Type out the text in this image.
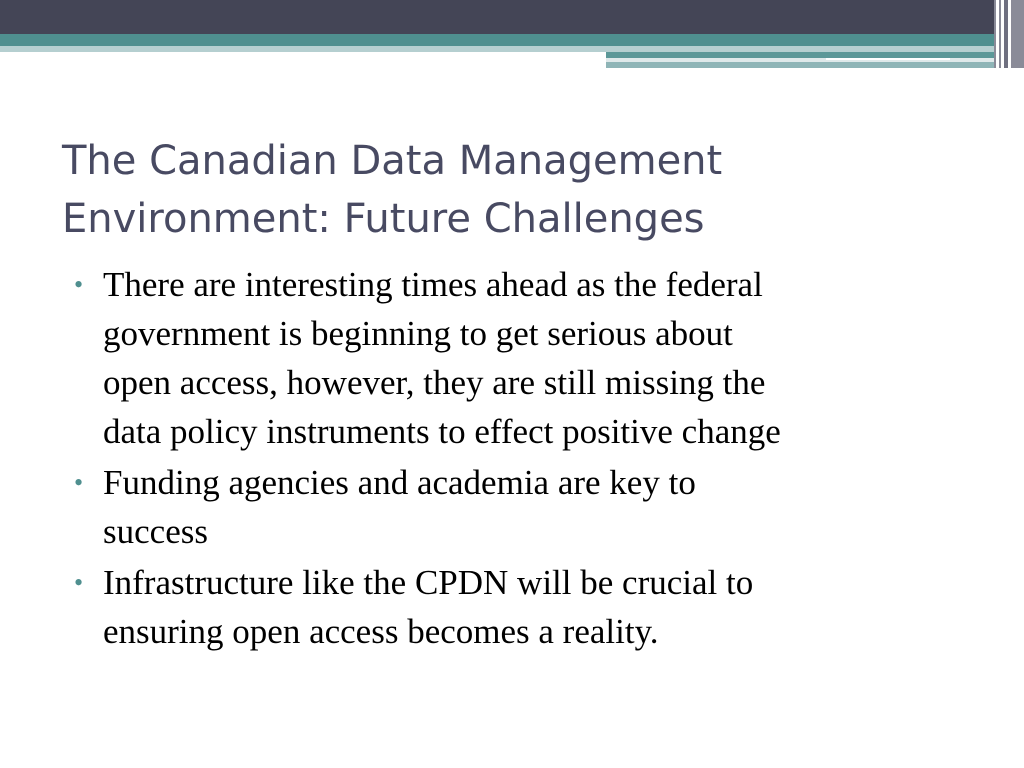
The Canadian Data Management
Environment: Future Challenges
• There are interesting times ahead as the federal
government is beginning to get serious about
open access, however, they are still missing the
data policy instruments to effect positive change
• Funding agencies and academia are key to
success
• Infrastructure like the CPDN will be crucial to
ensuring open access becomes a reality.
